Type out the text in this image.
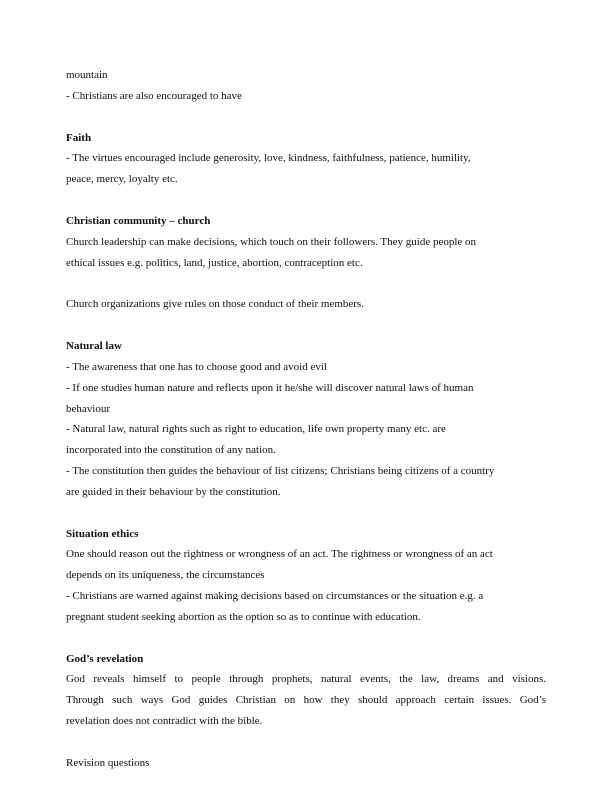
mountain
- Christians are also encouraged to have
Faith
- The virtues encouraged include generosity, love, kindness, faithfulness, patience, humility,
peace, mercy, loyalty etc.
Christian community – church
Church leadership can make decisions, which touch on their followers. They guide people on
ethical issues e.g. politics, land, justice, abortion, contraception etc.
Church organizations give rules on those conduct of their members.
Natural law
- The awareness that one has to choose good and avoid evil
- If one studies human nature and reflects upon it he/she will discover natural laws of human
behaviour
- Natural law, natural rights such as right to education, life own property many etc. are
incorporated into the constitution of any nation.
- The constitution then guides the behaviour of list citizens; Christians being citizens of a country
are guided in their behaviour by the constitution.
Situation ethics
One should reason out the rightness or wrongness of an act. The rightness or wrongness of an act
depends on its uniqueness, the circumstances
- Christians are warned against making decisions based on circumstances or the situation e.g. a
pregnant student seeking abortion as the option so as to continue with education.
God’s revelation
God reveals himself to people through prophets, natural events, the law, dreams and visions.
Through such ways God guides Christian on how they should approach certain issues. God’s
revelation does not contradict with the bible.
Revision questions
